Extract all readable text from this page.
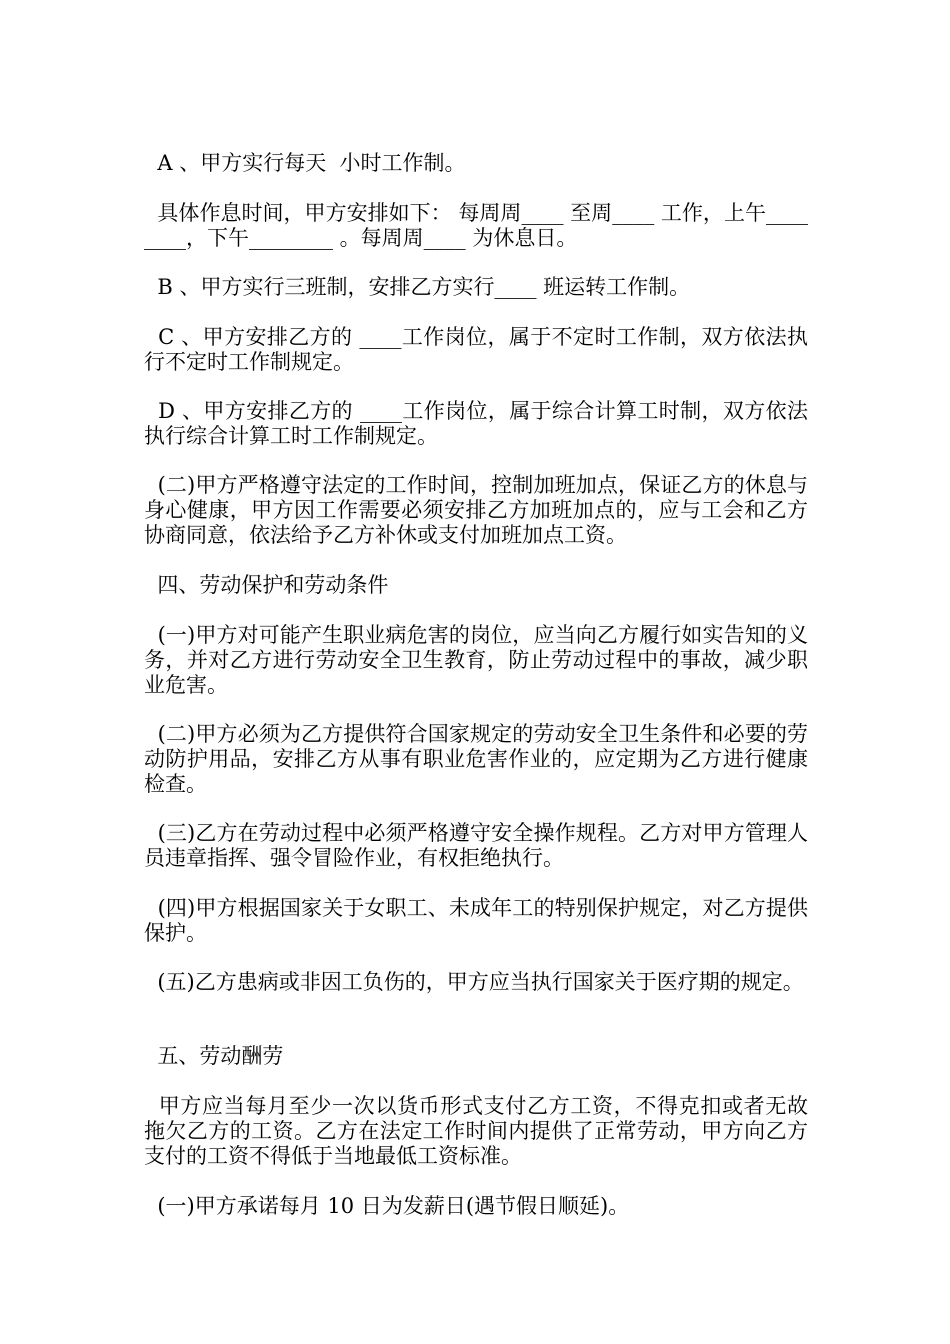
A 、甲方实行每天  小时工作制。

具体作息时间，甲方安排如下： 每周周____ 至周____ 工作，上午________，下午________ 。每周周____ 为休息日。

B 、甲方实行三班制，安排乙方实行____ 班运转工作制。

C 、甲方安排乙方的 ____工作岗位，属于不定时工作制，双方依法执行不定时工作制规定。

D 、甲方安排乙方的 ____工作岗位，属于综合计算工时制，双方依法执行综合计算工时工作制规定。

(二)甲方严格遵守法定的工作时间，控制加班加点，保证乙方的休息与身心健康，甲方因工作需要必须安排乙方加班加点的，应与工会和乙方协商同意，依法给予乙方补休或支付加班加点工资。

四、劳动保护和劳动条件

(一)甲方对可能产生职业病危害的岗位，应当向乙方履行如实告知的义务，并对乙方进行劳动安全卫生教育，防止劳动过程中的事故，减少职业危害。

(二)甲方必须为乙方提供符合国家规定的劳动安全卫生条件和必要的劳动防护用品，安排乙方从事有职业危害作业的，应定期为乙方进行健康检查。

(三)乙方在劳动过程中必须严格遵守安全操作规程。乙方对甲方管理人员违章指挥、强令冒险作业，有权拒绝执行。

(四)甲方根据国家关于女职工、未成年工的特别保护规定，对乙方提供保护。

(五)乙方患病或非因工负伤的，甲方应当执行国家关于医疗期的规定。

五、劳动酬劳

甲方应当每月至少一次以货币形式支付乙方工资，不得克扣或者无故拖欠乙方的工资。乙方在法定工作时间内提供了正常劳动，甲方向乙方支付的工资不得低于当地最低工资标准。

(一)甲方承诺每月 10 日为发薪日(遇节假日顺延)。
